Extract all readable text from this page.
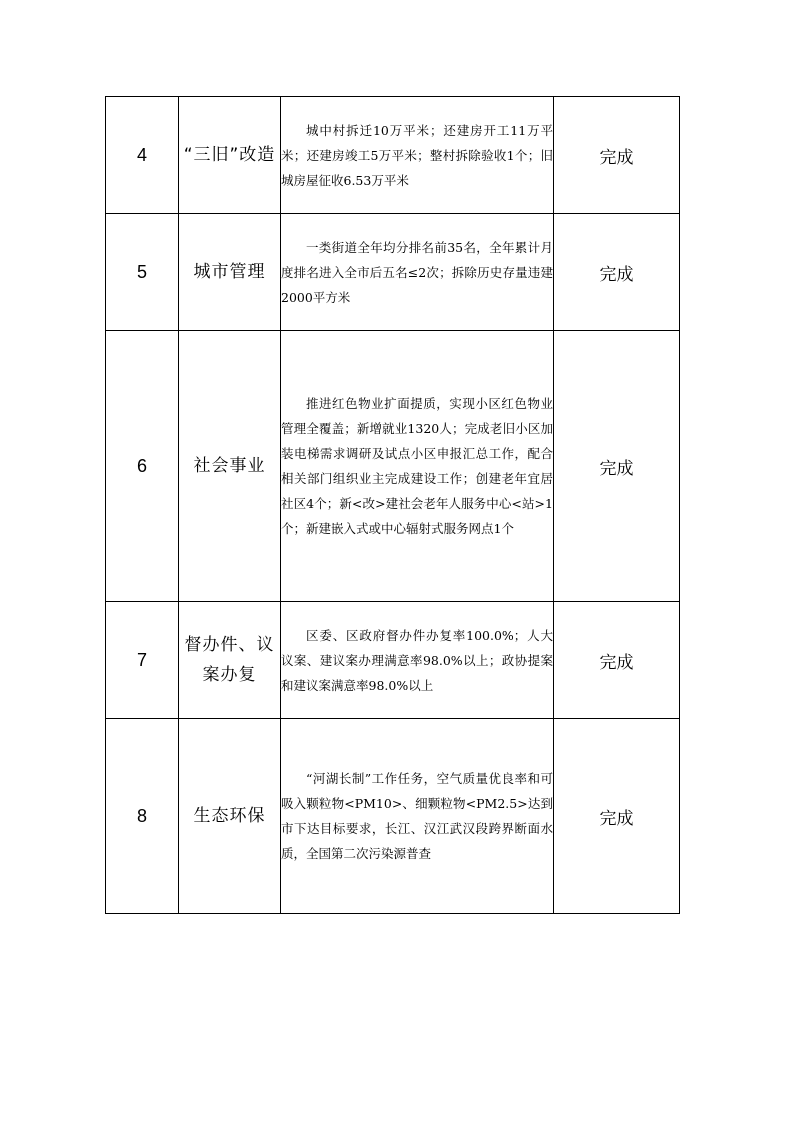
4	“三旧”改造	城中村拆迁10万平米；还建房开工11万平米；还建房竣工5万平米；整村拆除验收1个；旧城房屋征收6.53万平米	完成
5	城市管理	一类街道全年均分排名前35名，全年累计月度排名进入全市后五名≤2次；拆除历史存量违建2000平方米	完成
6	社会事业	推进红色物业扩面提质，实现小区红色物业管理全覆盖；新增就业1320人；完成老旧小区加装电梯需求调研及试点小区申报汇总工作，配合相关部门组织业主完成建设工作；创建老年宜居社区4个；新<改>建社会老年人服务中心<站>1个；新建嵌入式或中心辐射式服务网点1个	完成
7	督办件、议案办复	区委、区政府督办件办复率100.0%；人大议案、建议案办理满意率98.0%以上；政协提案和建议案满意率98.0%以上	完成
8	生态环保	“河湖长制”工作任务，空气质量优良率和可吸入颗粒物<PM10>、细颗粒物<PM2.5>达到市下达目标要求，长江、汉江武汉段跨界断面水质，全国第二次污染源普查	完成
